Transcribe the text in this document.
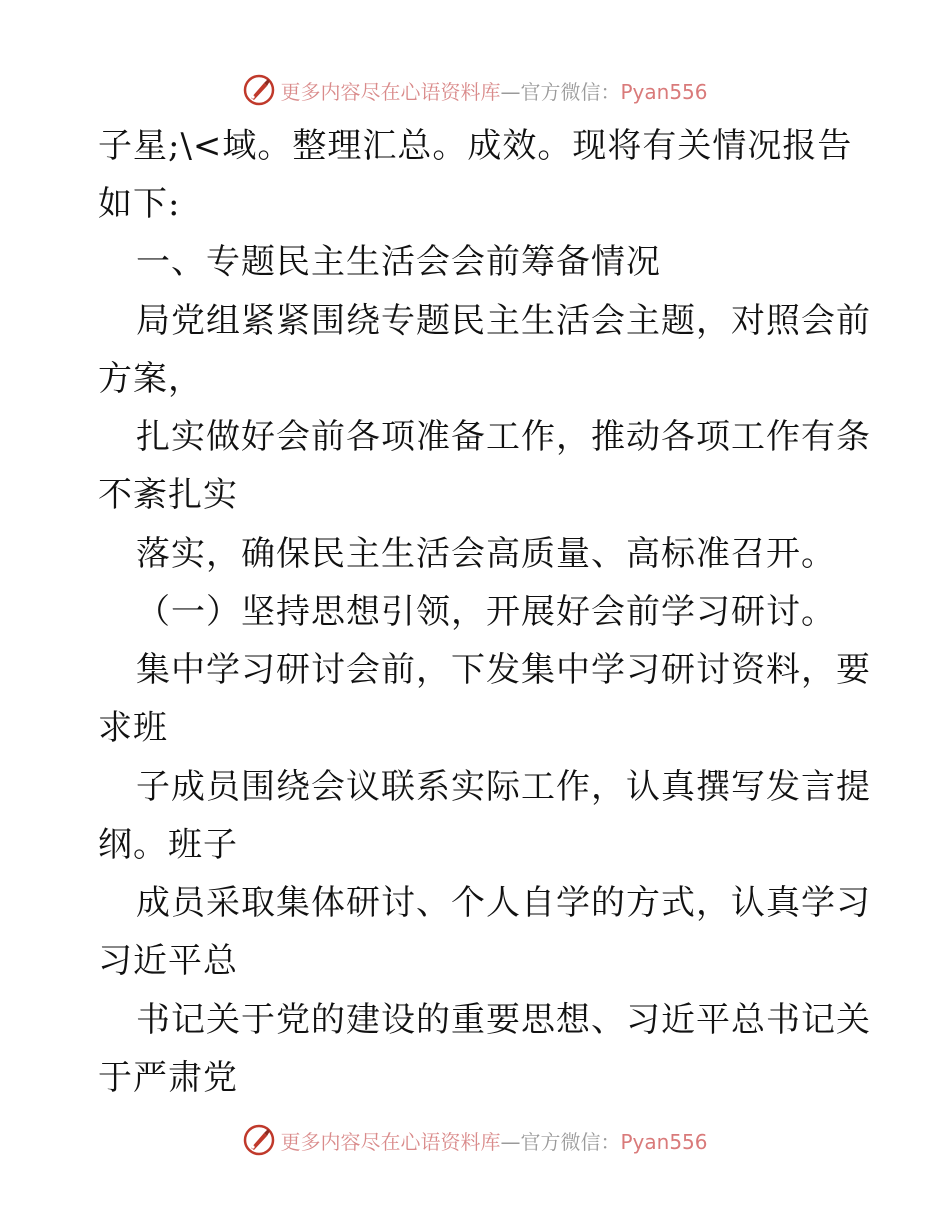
更多内容尽在心语资料库—官方微信：Pyan556
子星;\<域。整理汇总。成效。现将有关情况报告
如下:
一、专题民主生活会会前筹备情况
局党组紧紧围绕专题民主生活会主题，对照会前
方案，
扎实做好会前各项准备工作，推动各项工作有条
不紊扎实
落实，确保民主生活会高质量、高标准召开。
（一）坚持思想引领，开展好会前学习研讨。
集中学习研讨会前，下发集中学习研讨资料，要
求班
子成员围绕会议联系实际工作，认真撰写发言提
纲。班子
成员采取集体研讨、个人自学的方式，认真学习
习近平总
书记关于党的建设的重要思想、习近平总书记关
于严肃党
更多内容尽在心语资料库—官方微信：Pyan556
